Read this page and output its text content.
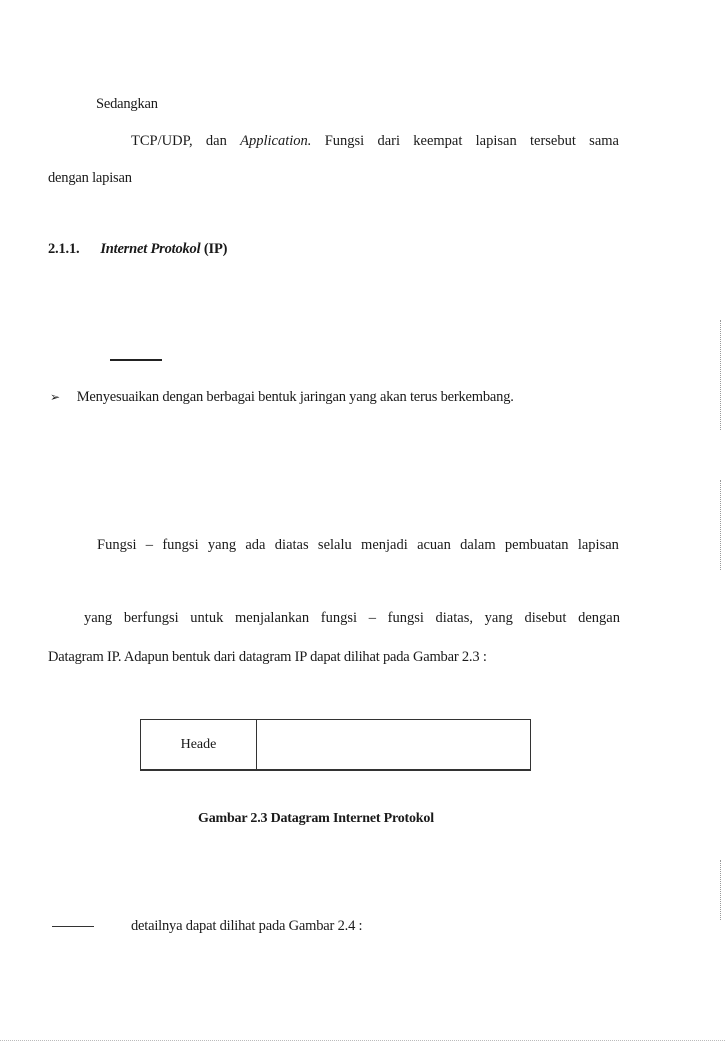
Sedangkan
TCP/UDP, dan Application. Fungsi dari keempat lapisan tersebut sama
dengan lapisan
2.1.1. Internet Protokol (IP)
➢ Menyesuaikan dengan berbagai bentuk jaringan yang akan terus berkembang.
Fungsi – fungsi yang ada diatas selalu menjadi acuan dalam pembuatan lapisan
yang berfungsi untuk menjalankan fungsi – fungsi diatas, yang disebut dengan
Datagram IP. Adapun bentuk dari datagram IP dapat dilihat pada Gambar 2.3 :
Heade
Gambar 2.3 Datagram Internet Protokol
detailnya dapat dilihat pada Gambar 2.4 :
